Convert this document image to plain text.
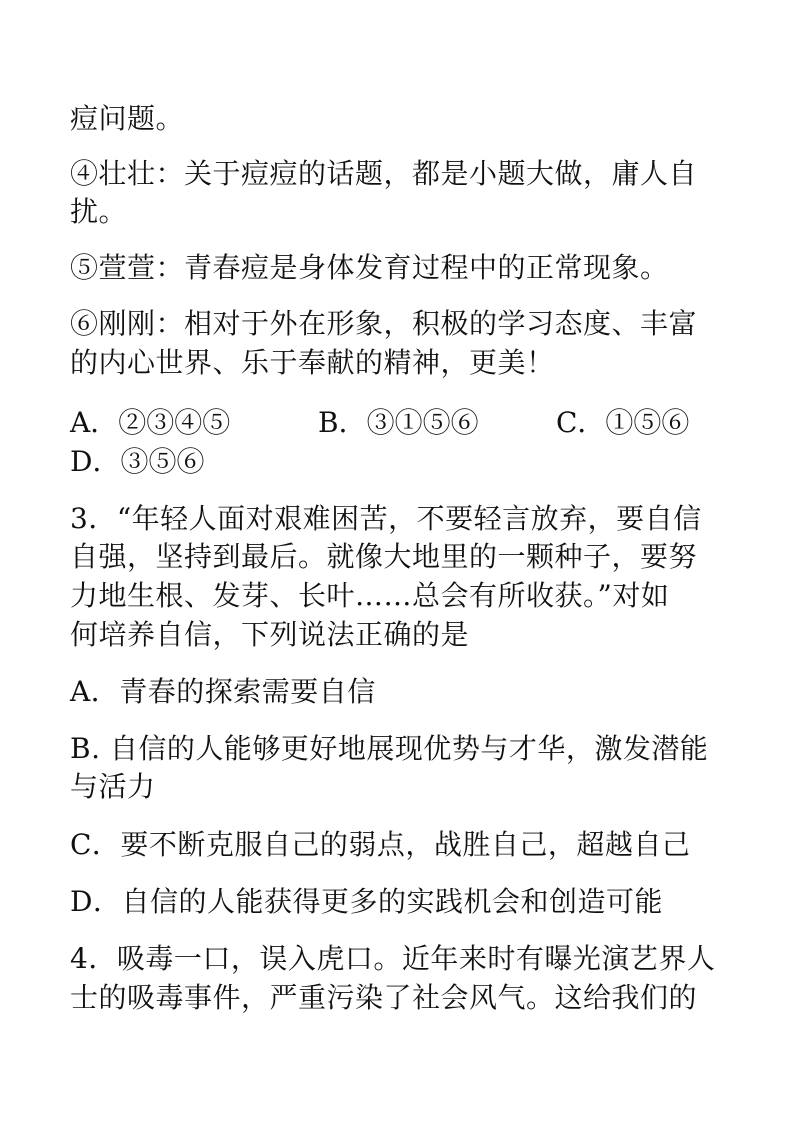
痘问题。
④壮壮：关于痘痘的话题，都是小题大做，庸人自
扰。
⑤萱萱：青春痘是身体发育过程中的正常现象。
⑥刚刚：相对于外在形象，积极的学习态度、丰富
的内心世界、乐于奉献的精神，更美！
A．②③④⑤	B．③①⑤⑥	C．①⑤⑥
D．③⑤⑥
3．“年轻人面对艰难困苦，不要轻言放弃，要自信
自强，坚持到最后。就像大地里的一颗种子，要努
力地生根、发芽、长叶……总会有所收获。”对如
何培养自信，下列说法正确的是
A．青春的探索需要自信
B. 自信的人能够更好地展现优势与才华，激发潜能
与活力
C．要不断克服自己的弱点，战胜自己，超越自己
D．自信的人能获得更多的实践机会和创造可能
4．吸毒一口，误入虎口。近年来时有曝光演艺界人
士的吸毒事件，严重污染了社会风气。这给我们的
